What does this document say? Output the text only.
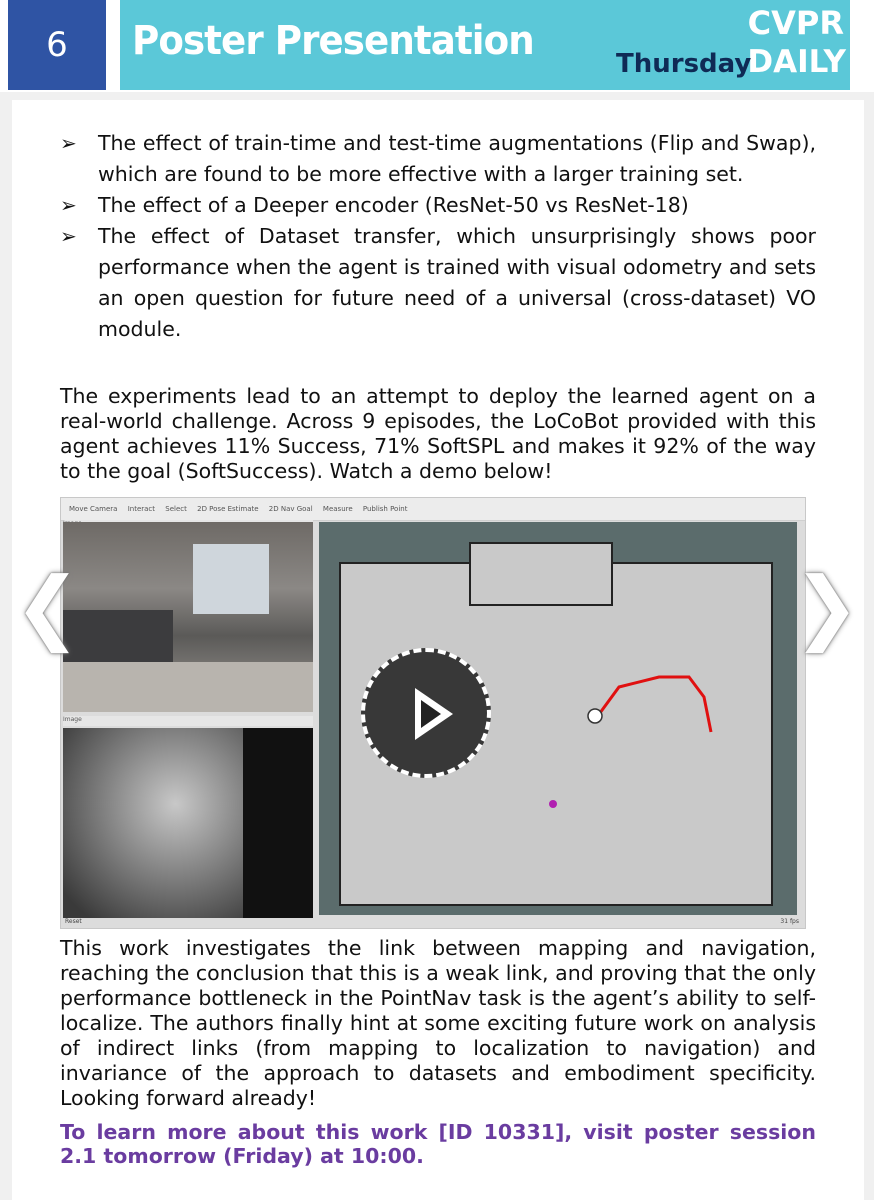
6	Poster Presentation	CVPR
DAILY
Thursday
➢ The effect of train-time and test-time augmentations (Flip and Swap), which are found to be more effective with a larger training set.
➢ The effect of a Deeper encoder (ResNet-50 vs ResNet-18)
➢ The effect of Dataset transfer, which unsurprisingly shows poor performance when the agent is trained with visual odometry and sets an open question for future need of a universal (cross-dataset) VO module.

The experiments lead to an attempt to deploy the learned agent on a real-world challenge. Across 9 episodes, the LoCoBot provided with this agent achieves 11% Success, 71% SoftSPL and makes it 92% of the way to the goal (SoftSuccess). Watch a demo below!

Move Camera Interact Select 2D Pose Estimate 2D Nav Goal Measure Publish Point
Image
Reset	31 fps
❮	❯

This work investigates the link between mapping and navigation, reaching the conclusion that this is a weak link, and proving that the only performance bottleneck in the PointNav task is the agent’s ability to self-localize. The authors finally hint at some exciting future work on analysis of indirect links (from mapping to localization to navigation) and invariance of the approach to datasets and embodiment specificity. Looking forward already!

To learn more about this work [ID 10331], visit poster session 2.1 tomorrow (Friday) at 10:00.
